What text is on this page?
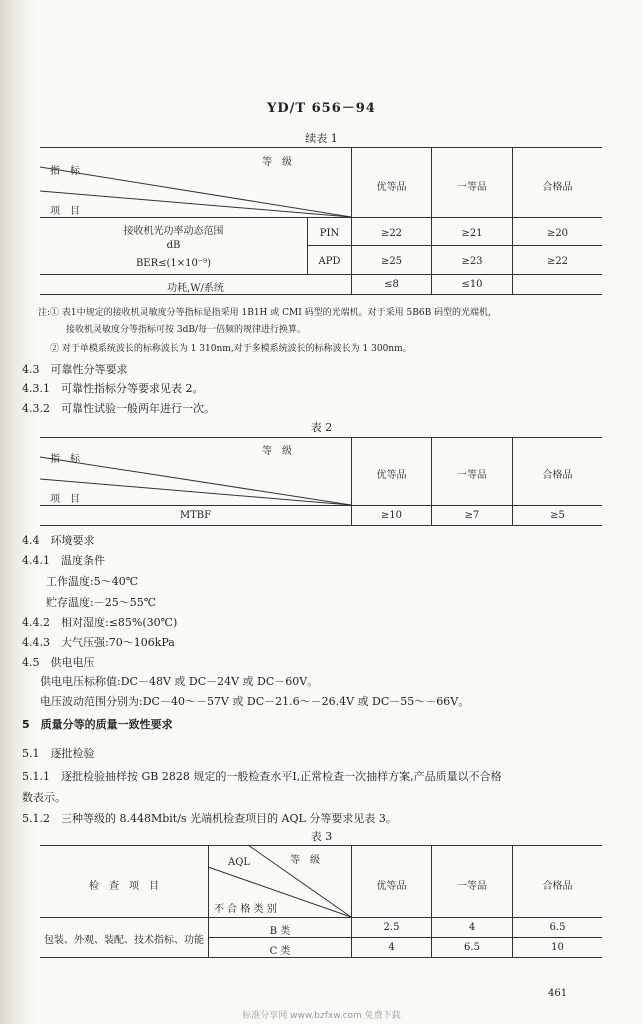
YD/T 656－94
续表 1
指　标
等　级
项　目
优等品	一等品	合格品
接收机光功率动态范围
dB
BER≤(1×10⁻⁹)
PIN	≥22	≥21	≥20
APD	≥25	≥23	≥22
功耗,W/系统	≤8	≤10
注:① 表1中规定的接收机灵敏度分等指标是指采用 1B1H 或 CMI 码型的光端机。对于采用 5B6B 码型的光端机,
接收机灵敏度分等指标可按 3dB/每一倍频的规律进行换算。
② 对于单模系统波长的标称波长为 1 310nm,对于多模系统波长的标称波长为 1 300nm。
4.3　可靠性分等要求
4.3.1　可靠性指标分等要求见表 2。
4.3.2　可靠性试验一般两年进行一次。
表 2
指　标
等　级
项　目
优等品	一等品	合格品
MTBF	≥10	≥7	≥5
4.4　环境要求
4.4.1　温度条件
工作温度:5～40℃
贮存温度:－25～55℃
4.4.2　相对湿度:≤85%(30℃)
4.4.3　大气压强:70～106kPa
4.5　供电电压
供电电压标称值:DC－48V 或 DC－24V 或 DC－60V。
电压波动范围分别为:DC－40～－57V 或 DC－21.6～－26.4V 或 DC－55～－66V。
5　质量分等的质量一致性要求
5.1　逐批检验
5.1.1　逐批检验抽样按 GB 2828 规定的一般检查水平Ⅰ,正常检查一次抽样方案,产品质量以不合格
数表示。
5.1.2　三种等级的 8.448Mbit/s 光端机检查项目的 AQL 分等要求见表 3。
表 3
检　查　项　目
AQL	等　级
不 合 格 类 别
优等品	一等品	合格品
包装、外观、装配、技术指标、功能
B 类	2.5	4	6.5
C 类	4	6.5	10
461
标准分享网 www.bzfxw.com 免费下载
